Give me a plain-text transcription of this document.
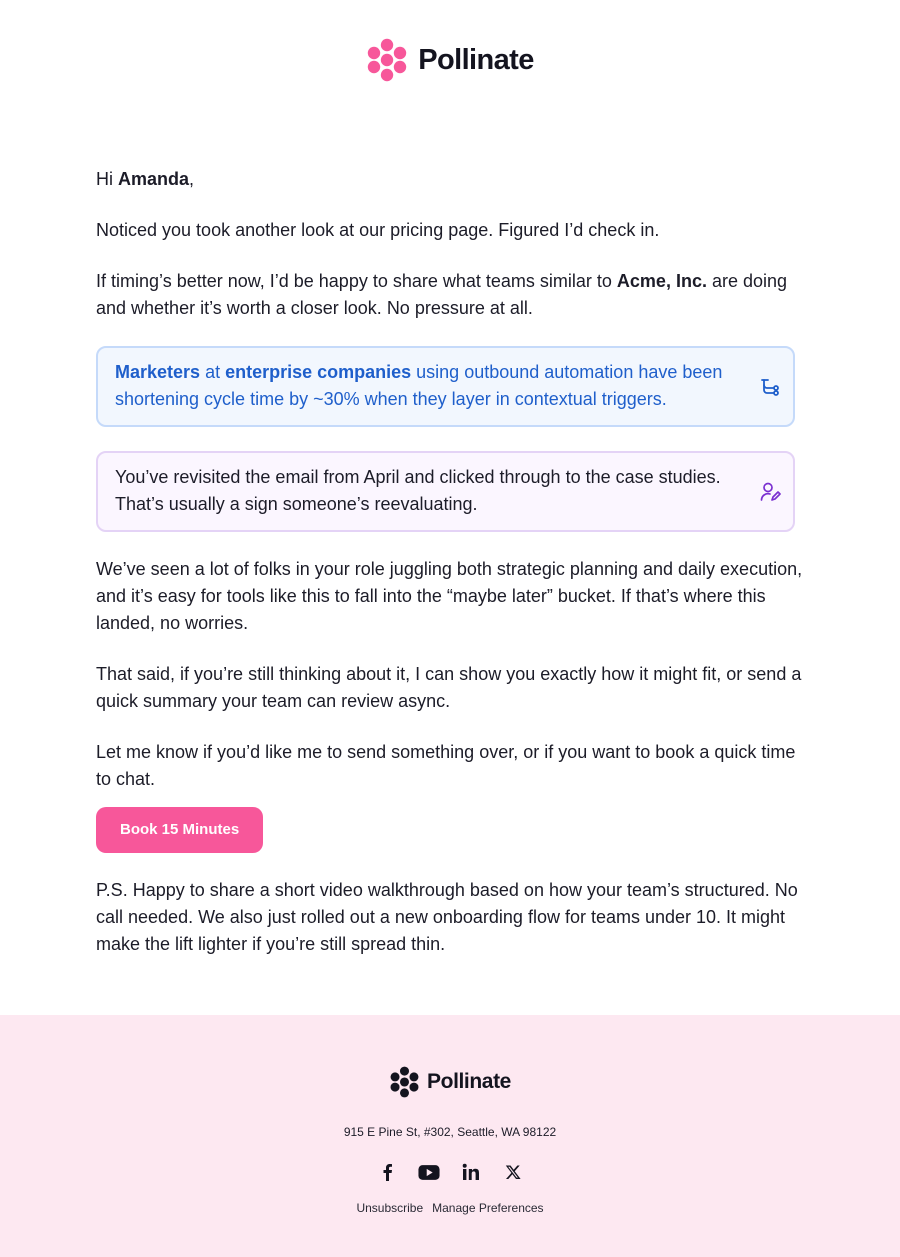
Pollinate

Hi Amanda,

Noticed you took another look at our pricing page. Figured I’d check in.

If timing’s better now, I’d be happy to share what teams similar to Acme, Inc. are doing and whether it’s worth a closer look. No pressure at all.

Marketers at enterprise companies using outbound automation have been shortening cycle time by ~30% when they layer in contextual triggers.

You’ve revisited the email from April and clicked through to the case studies. That’s usually a sign someone’s reevaluating.

We’ve seen a lot of folks in your role juggling both strategic planning and daily execution, and it’s easy for tools like this to fall into the “maybe later” bucket. If that’s where this landed, no worries.

That said, if you’re still thinking about it, I can show you exactly how it might fit, or send a quick summary your team can review async.

Let me know if you’d like me to send something over, or if you want to book a quick time to chat.

Book 15 Minutes

P.S. Happy to share a short video walkthrough based on how your team’s structured. No call needed. We also just rolled out a new onboarding flow for teams under 10. It might make the lift lighter if you’re still spread thin.

Pollinate
915 E Pine St, #302, Seattle, WA 98122
Unsubscribe Manage Preferences
